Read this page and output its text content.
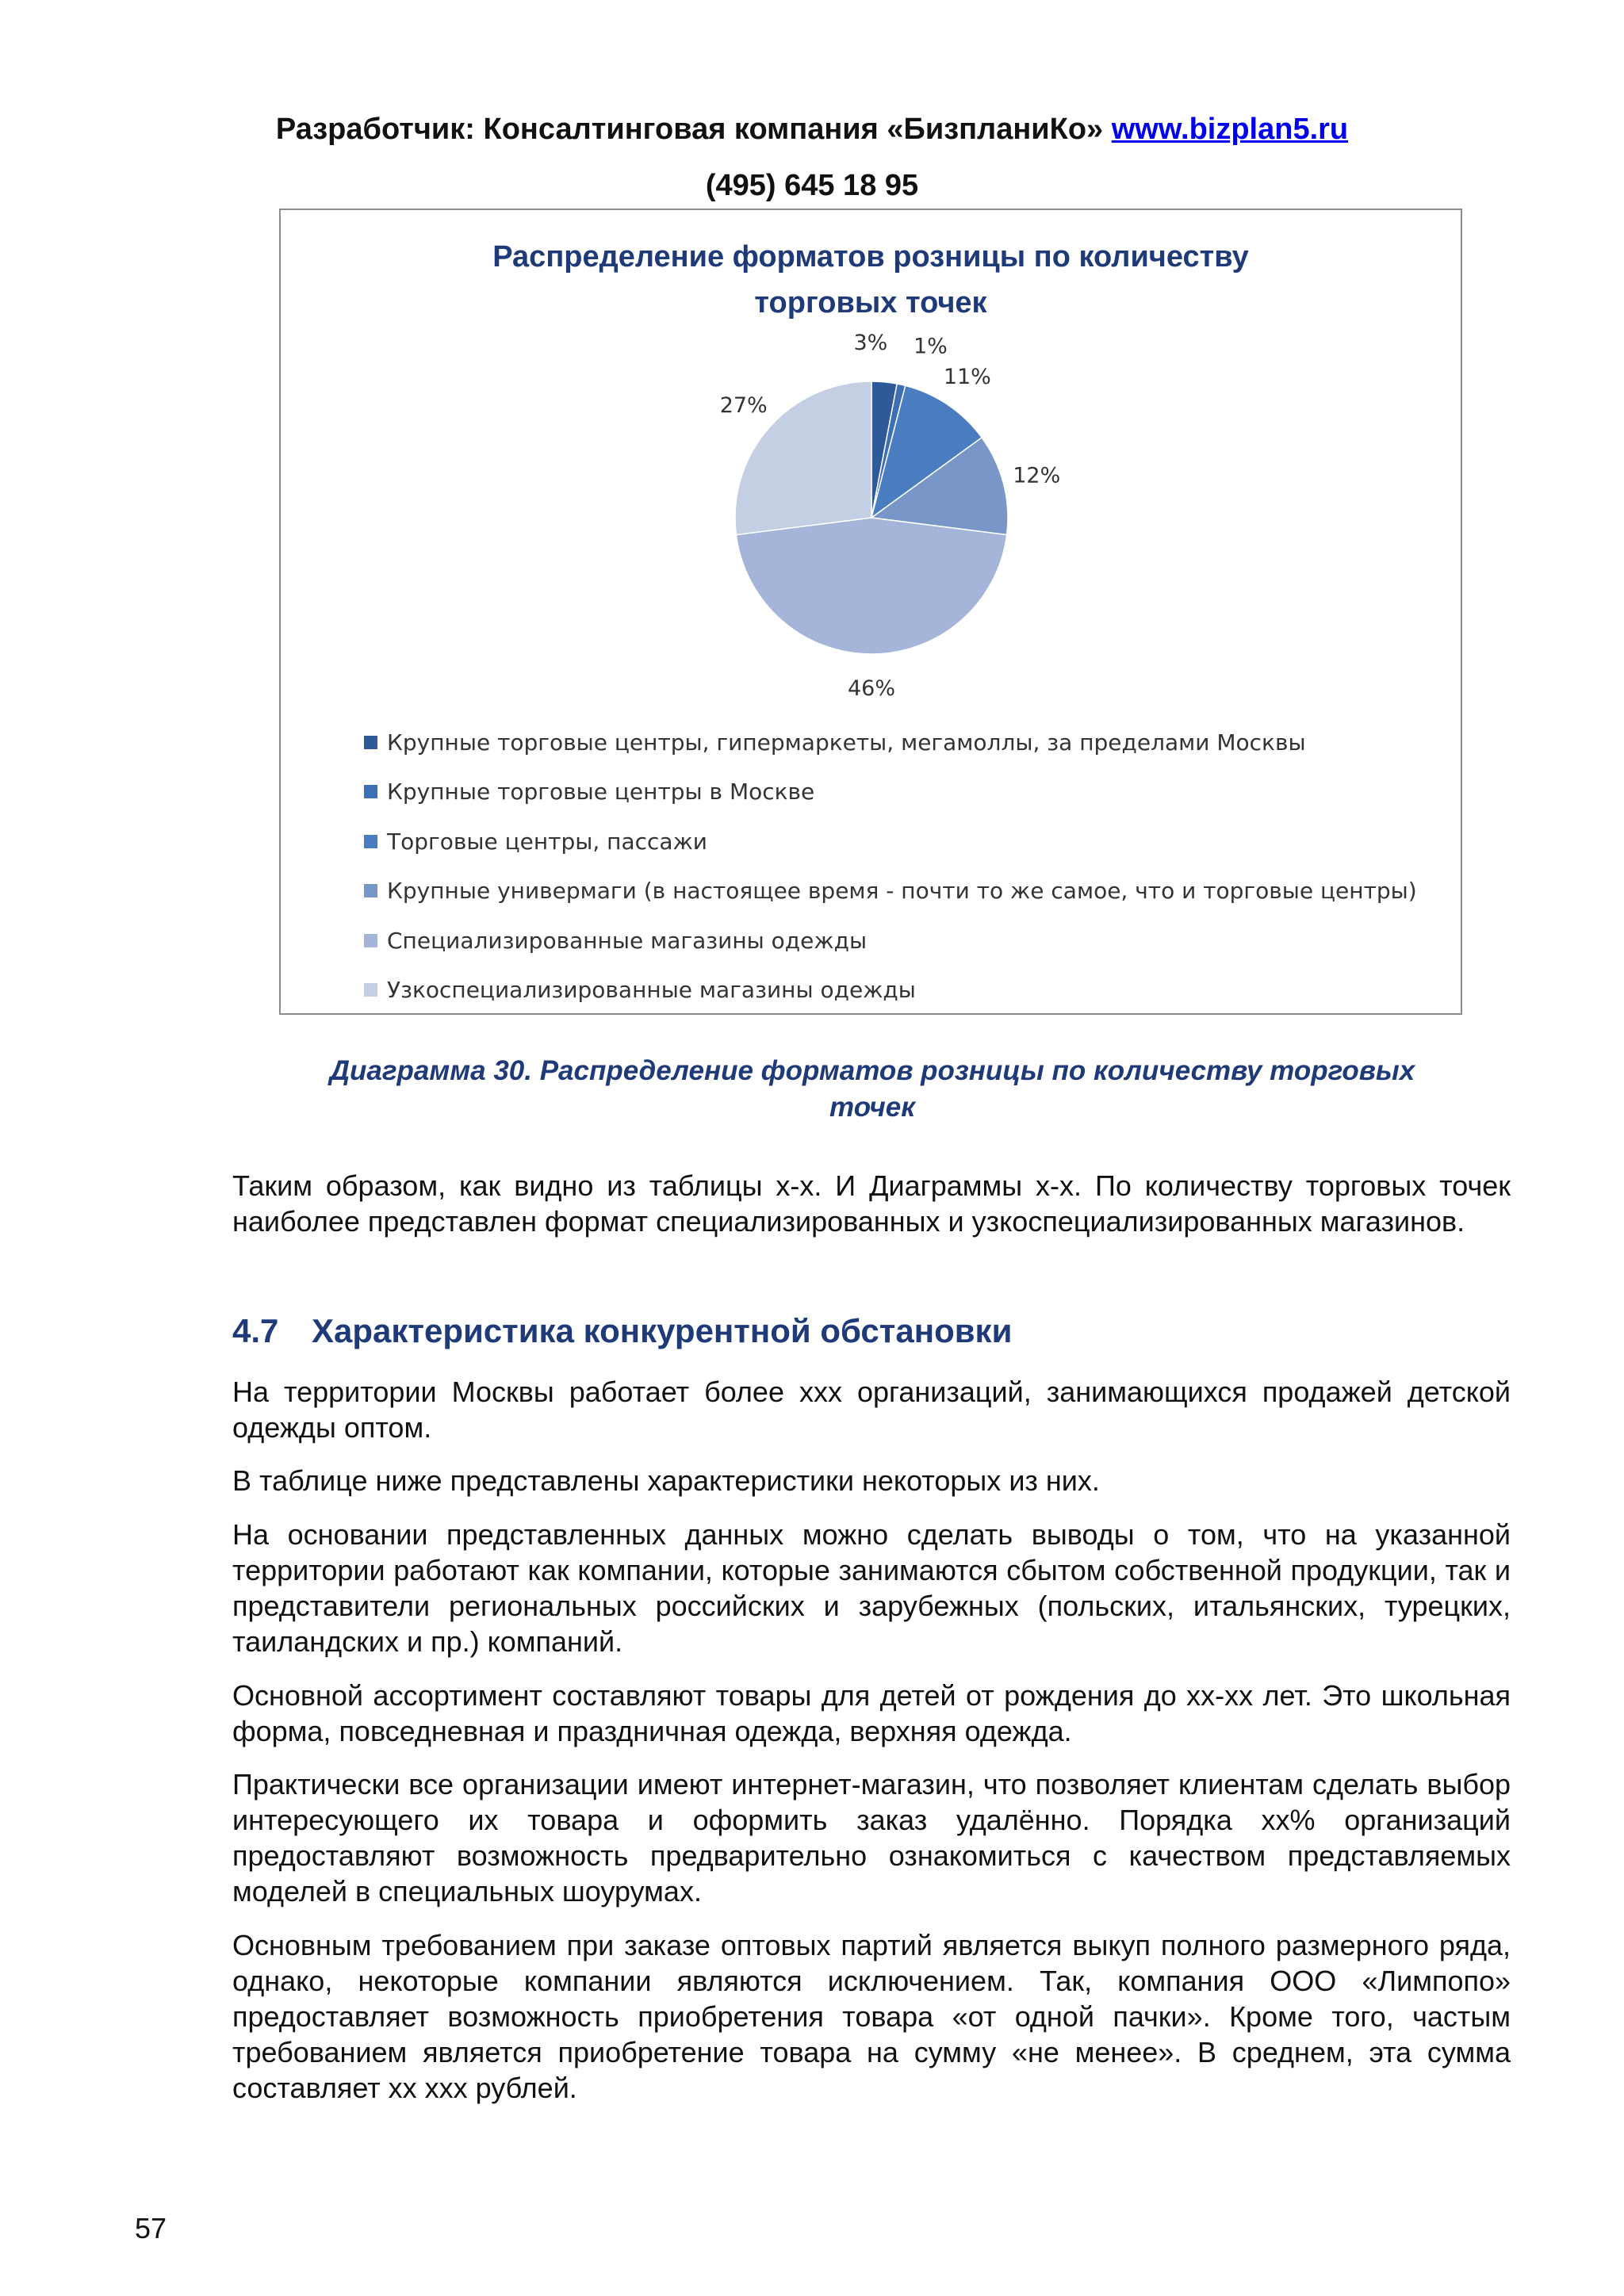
Разработчик: Консалтинговая компания «БизпланиКо» www.bizplan5.ru
(495) 645 18 95
Распределение форматов розницы по количеству
торговых точек
3% 1%
11%
12%
46%
27%
Крупные торговые центры, гипермаркеты, мегамоллы, за пределами Москвы
Крупные торговые центры в Москве
Торговые центры, пассажи
Крупные универмаги (в настоящее время - почти то же самое, что и торговые центры)
Специализированные магазины одежды
Узкоспециализированные магазины одежды
Диаграмма 30. Распределение форматов розницы по количеству торговых
точек
Таким образом, как видно из таблицы х-х. И Диаграммы х-х. По количеству торговых точек наиболее представлен формат специализированных и узкоспециализированных магазинов.
4.7 Характеристика конкурентной обстановки
На территории Москвы работает более ххх организаций, занимающихся продажей детской одежды оптом.
В таблице ниже представлены характеристики некоторых из них.
На основании представленных данных можно сделать выводы о том, что на указанной территории работают как компании, которые занимаются сбытом собственной продукции, так и представители региональных российских и зарубежных (польских, итальянских, турецких, таиландских и пр.) компаний.
Основной ассортимент составляют товары для детей от рождения до хх-хх лет. Это школьная форма, повседневная и праздничная одежда, верхняя одежда.
Практически все организации имеют интернет-магазин, что позволяет клиентам сделать выбор интересующего их товара и оформить заказ удалённо. Порядка хх% организаций предоставляют возможность предварительно ознакомиться с качеством представляемых моделей в специальных шоурумах.
Основным требованием при заказе оптовых партий является выкуп полного размерного ряда, однако, некоторые компании являются исключением. Так, компания ООО «Лимпопо» предоставляет возможность приобретения товара «от одной пачки». Кроме того, частым требованием является приобретение товара на сумму «не менее». В среднем, эта сумма составляет хх ххх рублей.
57
